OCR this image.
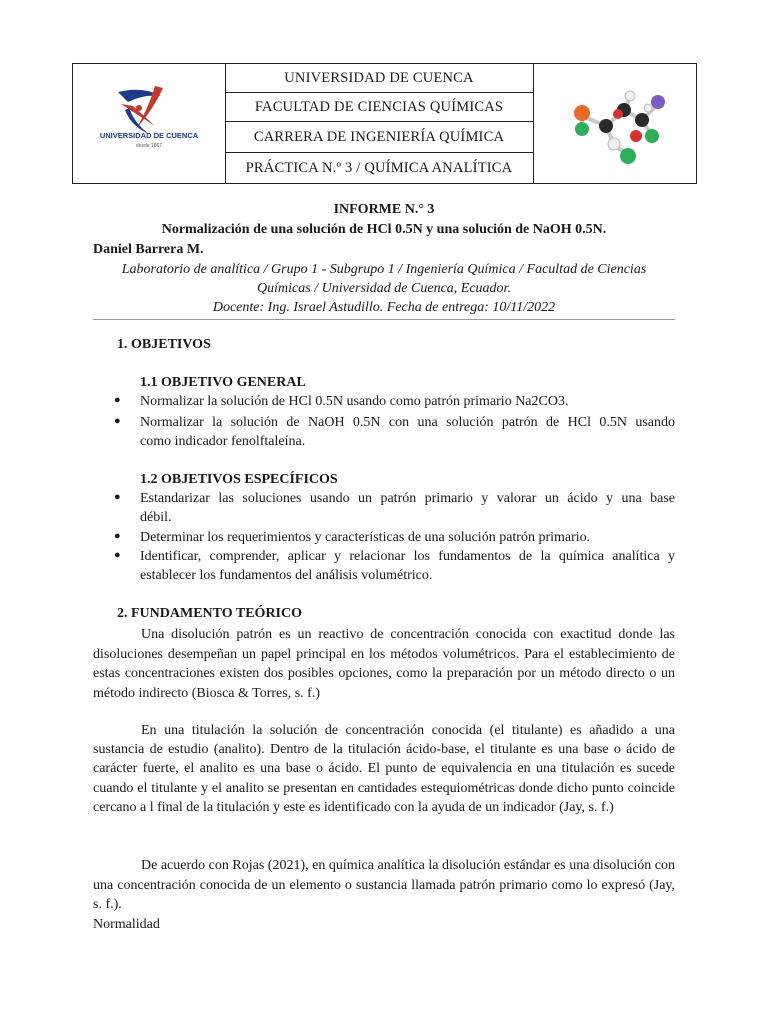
UNIVERSIDAD DE CUENCA
desde 1867
UNIVERSIDAD DE CUENCA
FACULTAD DE CIENCIAS QUÍMICAS
CARRERA DE INGENIERÍA QUÍMICA
PRÁCTICA N.º 3 / QUÍMICA ANALÍTICA
INFORME N.° 3
Normalización de una solución de HCl 0.5N y una solución de NaOH 0.5N.
Daniel Barrera M.
Laboratorio de analítica / Grupo 1 - Subgrupo 1 / Ingeniería Química / Facultad de Ciencias
Químicas / Universidad de Cuenca, Ecuador.
Docente: Ing. Israel Astudillo. Fecha de entrega: 10/11/2022
1. OBJETIVOS
1.1 OBJETIVO GENERAL
● Normalizar la solución de HCl 0.5N usando como patrón primario Na2CO3.
● Normalizar la solución de NaOH 0.5N con una solución patrón de HCl 0.5N usando
como indicador fenolftaleína.
1.2 OBJETIVOS ESPECÍFICOS
● Estandarizar las soluciones usando un patrón primario y valorar un ácido y una base
débil.
● Determinar los requerimientos y características de una solución patrón primario.
● Identificar, comprender, aplicar y relacionar los fundamentos de la química analítica y
establecer los fundamentos del análisis volumétrico.
2. FUNDAMENTO TEÓRICO
Una disolución patrón es un reactivo de concentración conocida con exactitud donde las disoluciones desempeñan un papel principal en los métodos volumétricos. Para el establecimiento de estas concentraciones existen dos posibles opciones, como la preparación por un método directo o un método indirecto (Biosca & Torres, s. f.)
En una titulación la solución de concentración conocida (el titulante) es añadido a una sustancia de estudio (analito). Dentro de la titulación ácido-base, el titulante es una base o ácido de carácter fuerte, el analito es una base o ácido. El punto de equivalencia en una titulación es sucede cuando el titulante y el analito se presentan en cantidades estequiométricas donde dicho punto coincide cercano a l final de la titulación y este es identificado con la ayuda de un indicador (Jay, s. f.)
De acuerdo con Rojas (2021), en química analítica la disolución estándar es una disolución con una concentración conocida de un elemento o sustancia llamada patrón primario como lo expresó (Jay, s. f.).
Normalidad
